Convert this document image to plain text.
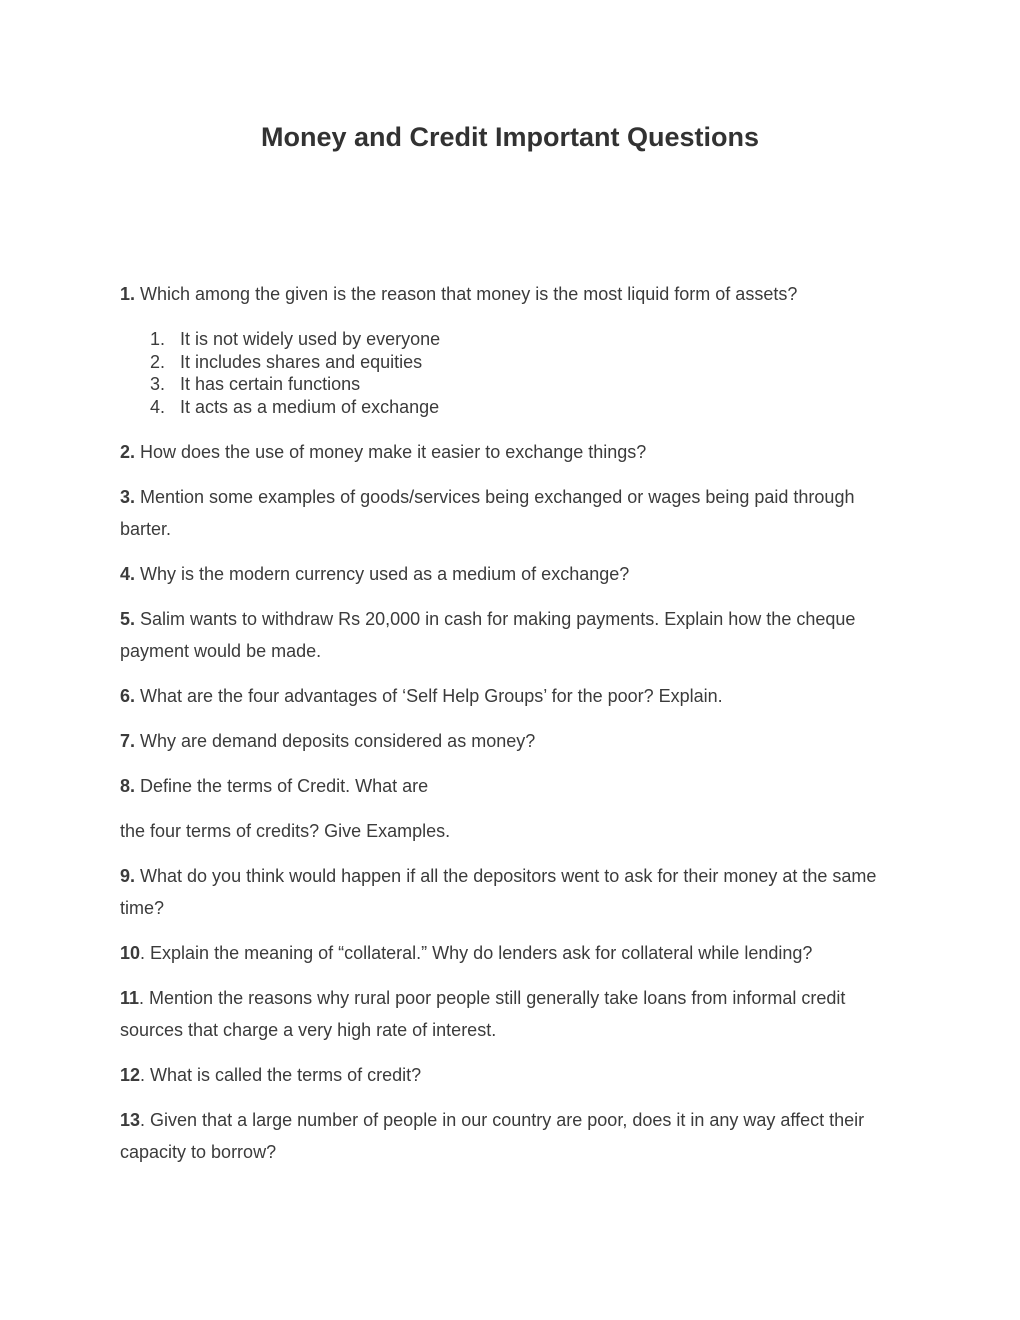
Money and Credit Important Questions

1. Which among the given is the reason that money is the most liquid form of assets?

1. It is not widely used by everyone
2. It includes shares and equities
3. It has certain functions
4. It acts as a medium of exchange

2. How does the use of money make it easier to exchange things?

3. Mention some examples of goods/services being exchanged or wages being paid through barter.

4. Why is the modern currency used as a medium of exchange?

5. Salim wants to withdraw Rs 20,000 in cash for making payments. Explain how the cheque payment would be made.

6. What are the four advantages of ‘Self Help Groups’ for the poor? Explain.

7. Why are demand deposits considered as money?

8. Define the terms of Credit. What are

the four terms of credits? Give Examples.

9. What do you think would happen if all the depositors went to ask for their money at the same time?

10. Explain the meaning of “collateral.” Why do lenders ask for collateral while lending?

11. Mention the reasons why rural poor people still generally take loans from informal credit sources that charge a very high rate of interest.

12. What is called the terms of credit?

13. Given that a large number of people in our country are poor, does it in any way affect their capacity to borrow?
